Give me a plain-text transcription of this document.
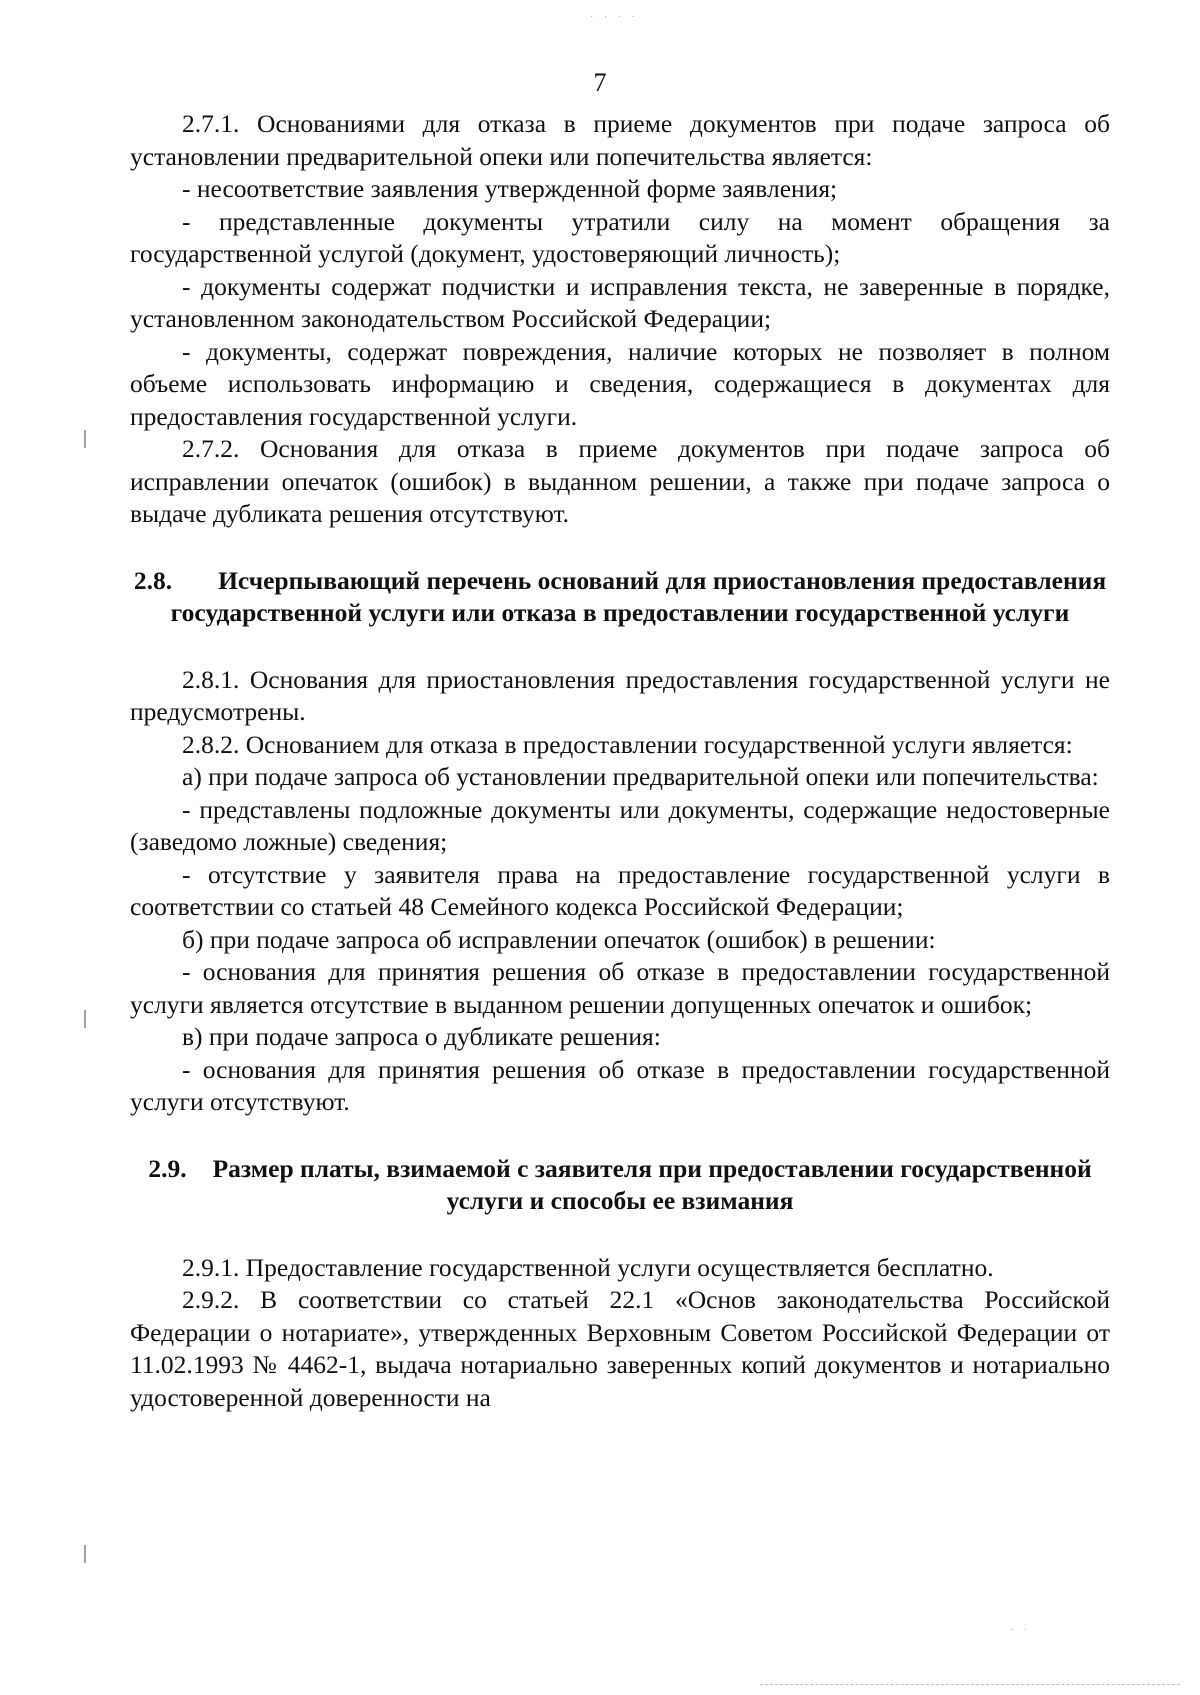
· · · ·
7

2.7.1. Основаниями для отказа в приеме документов при подаче запроса об установлении предварительной опеки или попечительства является:

- несоответствие заявления утвержденной форме заявления;

- представленные документы утратили силу на момент обращения за государственной услугой (документ, удостоверяющий личность);

- документы содержат подчистки и исправления текста, не заверенные в порядке, установленном законодательством Российской Федерации;

- документы, содержат повреждения, наличие которых не позволяет в полном объеме использовать информацию и сведения, содержащиеся в документах для предоставления государственной услуги.

2.7.2. Основания для отказа в приеме документов при подаче запроса об исправлении опечаток (ошибок) в выданном решении, а также при подаче запроса о выдаче дубликата решения отсутствуют.

2.8. Исчерпывающий перечень оснований для приостановления предоставления государственной услуги или отказа в предоставлении государственной услуги

2.8.1. Основания для приостановления предоставления государственной услуги не предусмотрены.

2.8.2. Основанием для отказа в предоставлении государственной услуги является:

а) при подаче запроса об установлении предварительной опеки или попечительства:

- представлены подложные документы или документы, содержащие недостоверные (заведомо ложные) сведения;

- отсутствие у заявителя права на предоставление государственной услуги в соответствии со статьей 48 Семейного кодекса Российской Федерации;

б) при подаче запроса об исправлении опечаток (ошибок) в решении:

- основания для принятия решения об отказе в предоставлении государственной услуги является отсутствие в выданном решении допущенных опечаток и ошибок;

в) при подаче запроса о дубликате решения:

- основания для принятия решения об отказе в предоставлении государственной услуги отсутствуют.

2.9. Размер платы, взимаемой с заявителя при предоставлении государственной услуги и способы ее взимания

2.9.1. Предоставление государственной услуги осуществляется бесплатно.

2.9.2. В соответствии со статьей 22.1 «Основ законодательства Российской Федерации о нотариате», утвержденных Верховным Советом Российской Федерации от 11.02.1993 № 4462-1, выдача нотариально заверенных копий документов и нотариально удостоверенной доверенности на

· ·
